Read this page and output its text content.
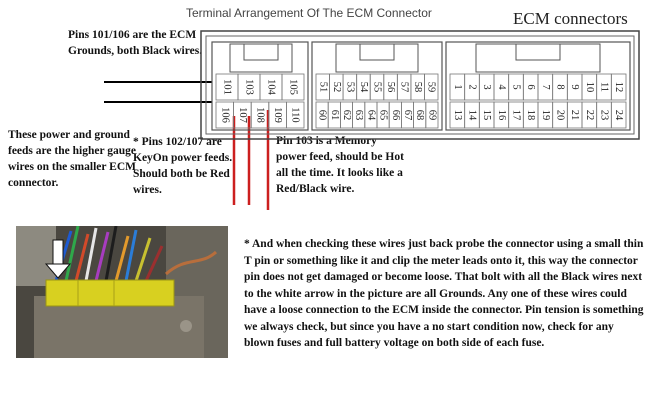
Terminal Arrangement Of The ECM Connector	ECM connectors
Pins 101/106 are the ECM Grounds, both Black wires.
These power and ground feeds are the higher gauge wires on the smaller ECM connector.
* Pins 102/107 are KeyOn power feeds. Should both be Red wires.
Pin 103 is a Memory power feed, should be Hot all the time. It looks like a Red/Black wire.
* And when checking these wires just back probe the connector using a small thin T pin or something like it and clip the meter leads onto it, this way the connector pin does not get damaged or become loose. That bolt with all the Black wires next to the white arrow in the picture are all Grounds. Any one of these wires could have a loose connection to the ECM inside the connector. Pin tension is something we always check, but since you have a no start condition now, check for any blown fuses and full battery voltage on both side of each fuse.
101 103 104 105
106 107 108 109 110
51 52 53 54 55 56 57 58 59
60 61 62 63 64 65 66 67 68 69
1 2 3 4 5 6 7 8 9 10 11 12
13 14 15 16 17 18 19 20 21 22 23 24
